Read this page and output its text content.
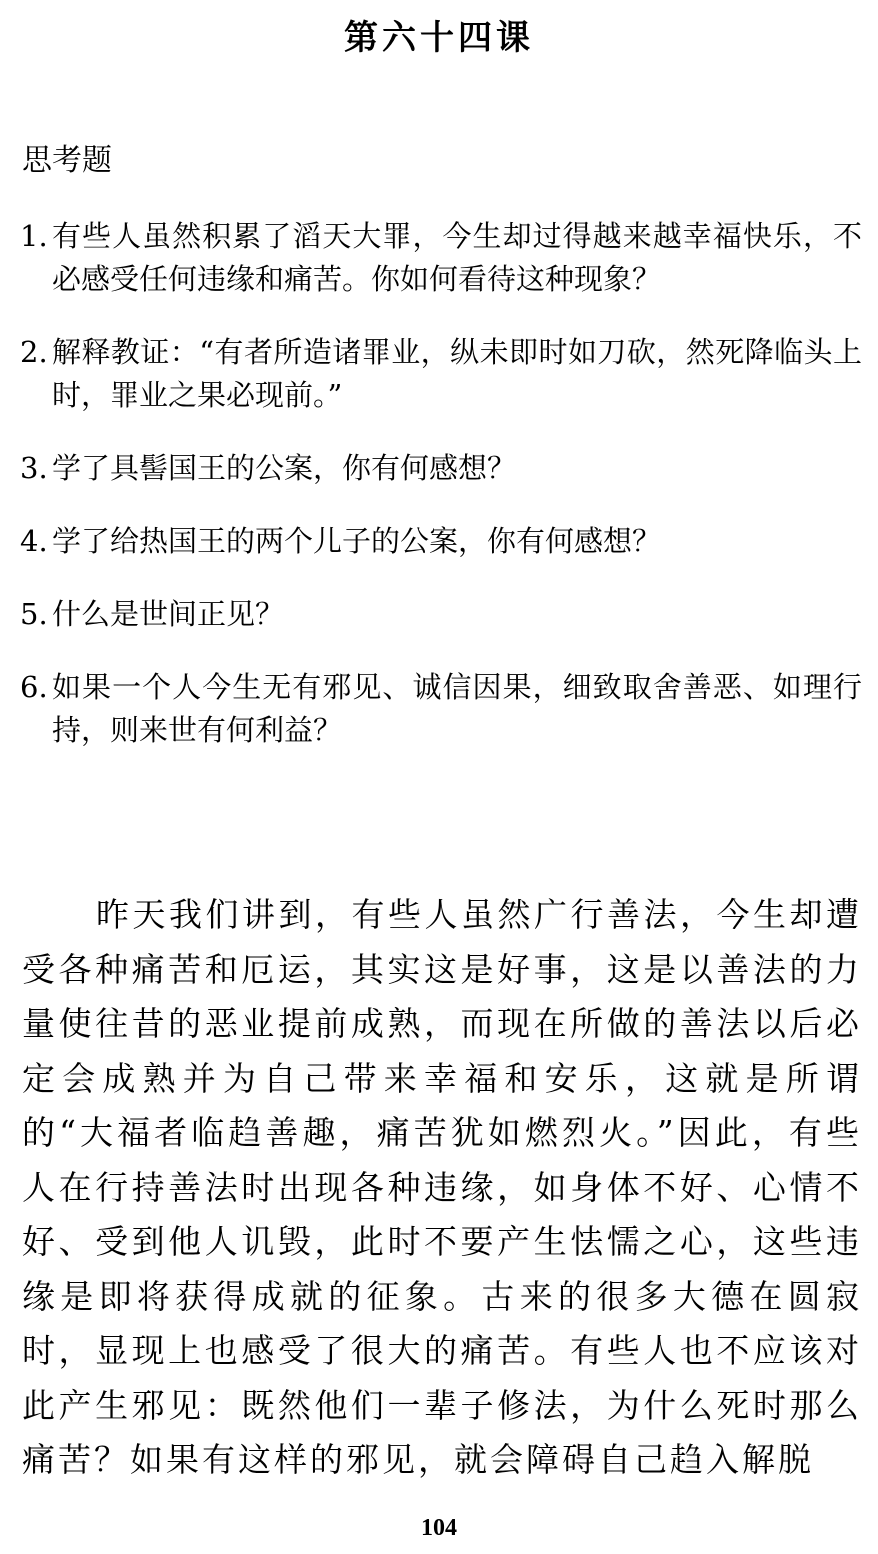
第六十四课
思考题
1. 有些人虽然积累了滔天大罪，今生却过得越来越幸福快乐，不必感受任何违缘和痛苦。你如何看待这种现象？
2. 解释教证：“有者所造诸罪业，纵未即时如刀砍，然死降临头上时，罪业之果必现前。”
3. 学了具髻国王的公案，你有何感想？
4. 学了给热国王的两个儿子的公案，你有何感想？
5. 什么是世间正见？
6. 如果一个人今生无有邪见、诚信因果，细致取舍善恶、如理行持，则来世有何利益？

昨天我们讲到，有些人虽然广行善法，今生却遭受各种痛苦和厄运，其实这是好事，这是以善法的力量使往昔的恶业提前成熟，而现在所做的善法以后必定会成熟并为自己带来幸福和安乐，这就是所谓的“大福者临趋善趣，痛苦犹如燃烈火。”因此，有些人在行持善法时出现各种违缘，如身体不好、心情不好、受到他人讥毁，此时不要产生怯懦之心，这些违缘是即将获得成就的征象。古来的很多大德在圆寂时，显现上也感受了很大的痛苦。有些人也不应该对此产生邪见：既然他们一辈子修法，为什么死时那么痛苦？如果有这样的邪见，就会障碍自己趋入解脱

104
